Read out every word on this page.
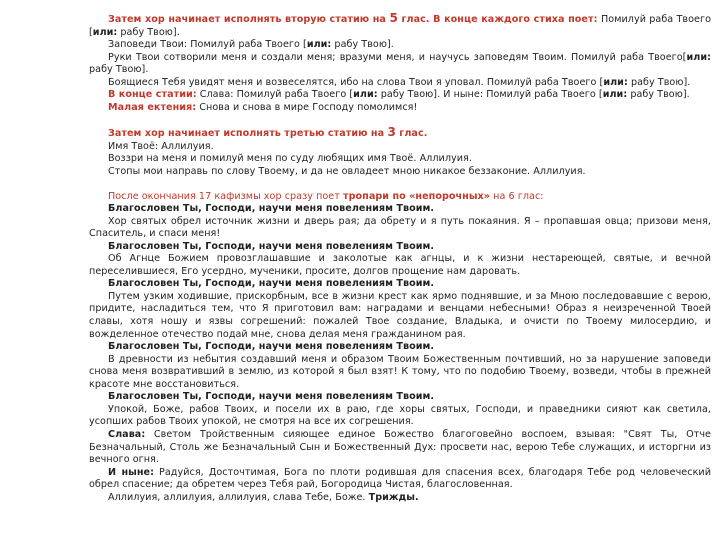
Затем хор начинает исполнять вторую статию на 5 глас. В конце каждого стиха поет: Помилуй раба Твоего [или: рабу Твою].

Заповеди Твои: Помилуй раба Твоего [или: рабу Твою].

Руки Твои сотворили меня и создали меня; вразуми меня, и научусь заповедям Твоим. Помилуй раба Твоего[или: рабу Твою].

Боящиеся Тебя увидят меня и возвеселятся, ибо на слова Твои я уповал. Помилуй раба Твоего [или: рабу Твою].

В конце статии: Слава: Помилуй раба Твоего [или: рабу Твою]. И ныне: Помилуй раба Твоего [или: рабу Твою].

Малая ектения: Снова и снова в мире Господу помолимся!

Затем хор начинает исполнять третью статию на 3 глас.

Имя Твоё: Аллилуия.

Воззри на меня и помилуй меня по суду любящих имя Твоё. Аллилуия.

Стопы мои направь по слову Твоему, и да не овладеет мною никакое беззаконие. Аллилуия.

После окончания 17 кафизмы хор сразу поет тропари по «непорочных» на 6 глас:

Благословен Ты, Господи, научи меня повелениям Твоим.

Хор святых обрел источник жизни и дверь рая; да обрету и я путь покаяния. Я – пропавшая овца; призови меня, Спаситель, и спаси меня!

Благословен Ты, Господи, научи меня повелениям Твоим.

Об Агнце Божием провозглашавшие и заколотые как агнцы, и к жизни нестареющей, святые, и вечной переселившиеся, Его усердно, мученики, просите, долгов прощение нам даровать.

Благословен Ты, Господи, научи меня повелениям Твоим.

Путем узким ходившие, прискорбным, все в жизни крест как ярмо поднявшие, и за Мною последовавшие с верою, придите, насладиться тем, что Я приготовил вам: наградами и венцами небесными! Образ я неизреченной Твоей славы, хотя ношу и язвы согрешений: пожалей Твое создание, Владыка, и очисти по Твоему милосердию, и вожделенное отечество подай мне, снова делая меня гражданином рая.

Благословен Ты, Господи, научи меня повелениям Твоим.

В древности из небытия создавший меня и образом Твоим Божественным почтивший, но за нарушение заповеди снова меня возвративший в землю, из которой я был взят! К тому, что по подобию Твоему, возведи, чтобы в прежней красоте мне восстановиться.

Благословен Ты, Господи, научи меня повелениям Твоим.

Упокой, Боже, рабов Твоих, и посели их в раю, где хоры святых, Господи, и праведники сияют как светила, усопших рабов Твоих упокой, не смотря на все их согрешения.

Слава: Светом Тройственным сияющее единое Божество благоговейно воспоем, взывая: "Свят Ты, Отче Безначальный, Столь же Безначальный Сын и Божественный Дух: просвети нас, верою Тебе служащих, и исторгни из вечного огня.

И ныне: Радуйся, Досточтимая, Бога по плоти родившая для спасения всех, благодаря Тебе род человеческий обрел спасение; да обретем через Тебя рай, Богородица Чистая, благословенная.

Аллилуия, аллилуия, аллилуия, слава Тебе, Боже. Трижды.
